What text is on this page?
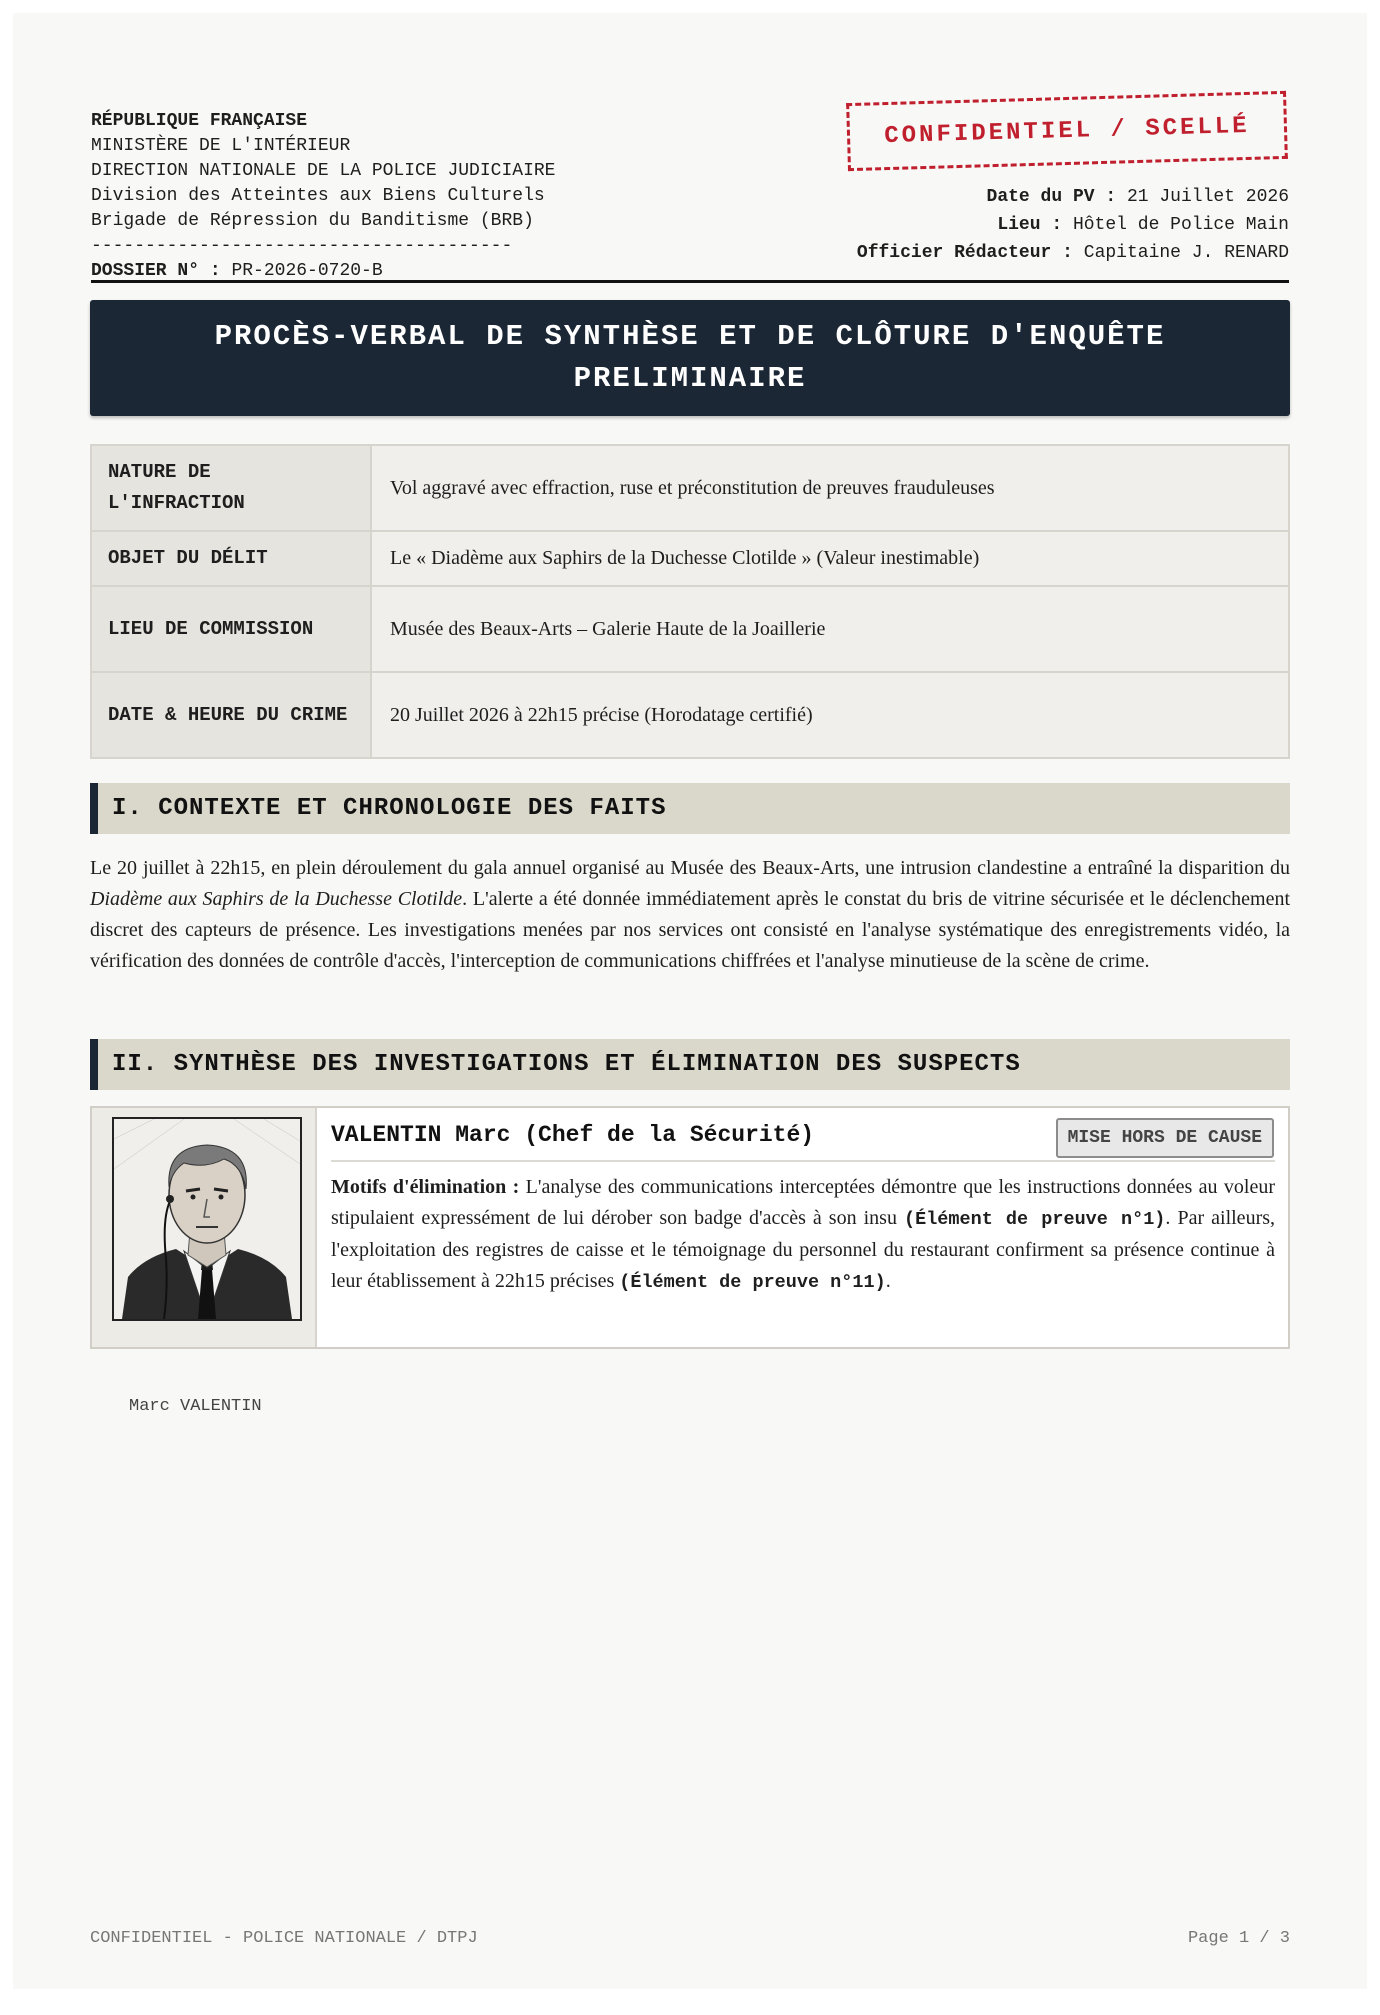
RÉPUBLIQUE FRANÇAISE
MINISTÈRE DE L'INTÉRIEUR
DIRECTION NATIONALE DE LA POLICE JUDICIAIRE
Division des Atteintes aux Biens Culturels
Brigade de Répression du Banditisme (BRB)
---------------------------------------
DOSSIER N° : PR-2026-0720-B
CONFIDENTIEL / SCELLÉ
Date du PV : 21 Juillet 2026
Lieu : Hôtel de Police Main
Officier Rédacteur : Capitaine J. RENARD
PROCÈS-VERBAL DE SYNTHÈSE ET DE CLÔTURE D'ENQUÊTE PRELIMINAIRE
NATURE DE L'INFRACTION	Vol aggravé avec effraction, ruse et préconstitution de preuves frauduleuses
OBJET DU DÉLIT	Le « Diadème aux Saphirs de la Duchesse Clotilde » (Valeur inestimable)
LIEU DE COMMISSION	Musée des Beaux-Arts – Galerie Haute de la Joaillerie
DATE & HEURE DU CRIME	20 Juillet 2026 à 22h15 précise (Horodatage certifié)
I. CONTEXTE ET CHRONOLOGIE DES FAITS
Le 20 juillet à 22h15, en plein déroulement du gala annuel organisé au Musée des Beaux-Arts, une intrusion clandestine a entraîné la disparition du Diadème aux Saphirs de la Duchesse Clotilde. L'alerte a été donnée immédiatement après le constat du bris de vitrine sécurisée et le déclenchement discret des capteurs de présence. Les investigations menées par nos services ont consisté en l'analyse systématique des enregistrements vidéo, la vérification des données de contrôle d'accès, l'interception de communications chiffrées et l'analyse minutieuse de la scène de crime.
II. SYNTHÈSE DES INVESTIGATIONS ET ÉLIMINATION DES SUSPECTS
VALENTIN Marc (Chef de la Sécurité)	MISE HORS DE CAUSE
Motifs d'élimination : L'analyse des communications interceptées démontre que les instructions données au voleur stipulaient expressément de lui dérober son badge d'accès à son insu (Élément de preuve n°1). Par ailleurs, l'exploitation des registres de caisse et le témoignage du personnel du restaurant confirment sa présence continue à leur établissement à 22h15 précises (Élément de preuve n°11).
Marc VALENTIN
CONFIDENTIEL - POLICE NATIONALE / DTPJ	Page 1 / 3
